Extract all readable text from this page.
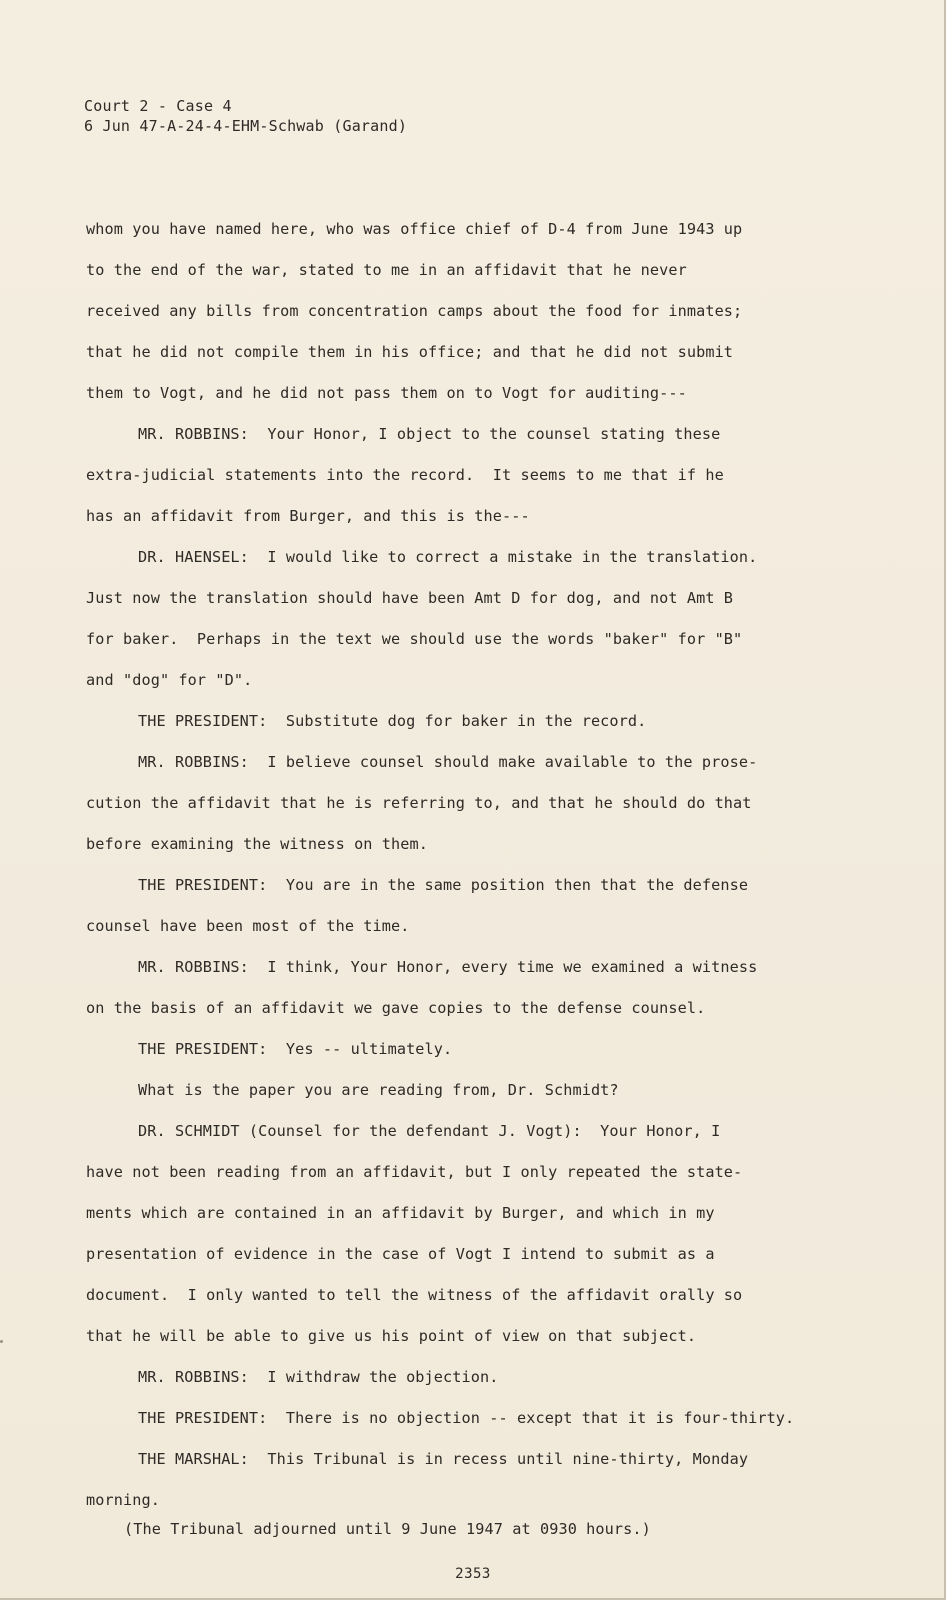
Court 2 - Case 4
6 Jun 47-A-24-4-EHM-Schwab (Garand)
whom you have named here, who was office chief of D-4 from June 1943 up
to the end of the war, stated to me in an affidavit that he never
received any bills from concentration camps about the food for inmates;
that he did not compile them in his office; and that he did not submit
them to Vogt, and he did not pass them on to Vogt for auditing---
MR. ROBBINS:  Your Honor, I object to the counsel stating these
extra-judicial statements into the record.  It seems to me that if he
has an affidavit from Burger, and this is the---
DR. HAENSEL:  I would like to correct a mistake in the translation.
Just now the translation should have been Amt D for dog, and not Amt B
for baker.  Perhaps in the text we should use the words "baker" for "B"
and "dog" for "D".
THE PRESIDENT:  Substitute dog for baker in the record.
MR. ROBBINS:  I believe counsel should make available to the prose-
cution the affidavit that he is referring to, and that he should do that
before examining the witness on them.
THE PRESIDENT:  You are in the same position then that the defense
counsel have been most of the time.
MR. ROBBINS:  I think, Your Honor, every time we examined a witness
on the basis of an affidavit we gave copies to the defense counsel.
THE PRESIDENT:  Yes -- ultimately.
What is the paper you are reading from, Dr. Schmidt?
DR. SCHMIDT (Counsel for the defendant J. Vogt):  Your Honor, I
have not been reading from an affidavit, but I only repeated the state-
ments which are contained in an affidavit by Burger, and which in my
presentation of evidence in the case of Vogt I intend to submit as a
document.  I only wanted to tell the witness of the affidavit orally so
that he will be able to give us his point of view on that subject.
MR. ROBBINS:  I withdraw the objection.
THE PRESIDENT:  There is no objection -- except that it is four-thirty.
THE MARSHAL:  This Tribunal is in recess until nine-thirty, Monday
morning.
(The Tribunal adjourned until 9 June 1947 at 0930 hours.)
2353
